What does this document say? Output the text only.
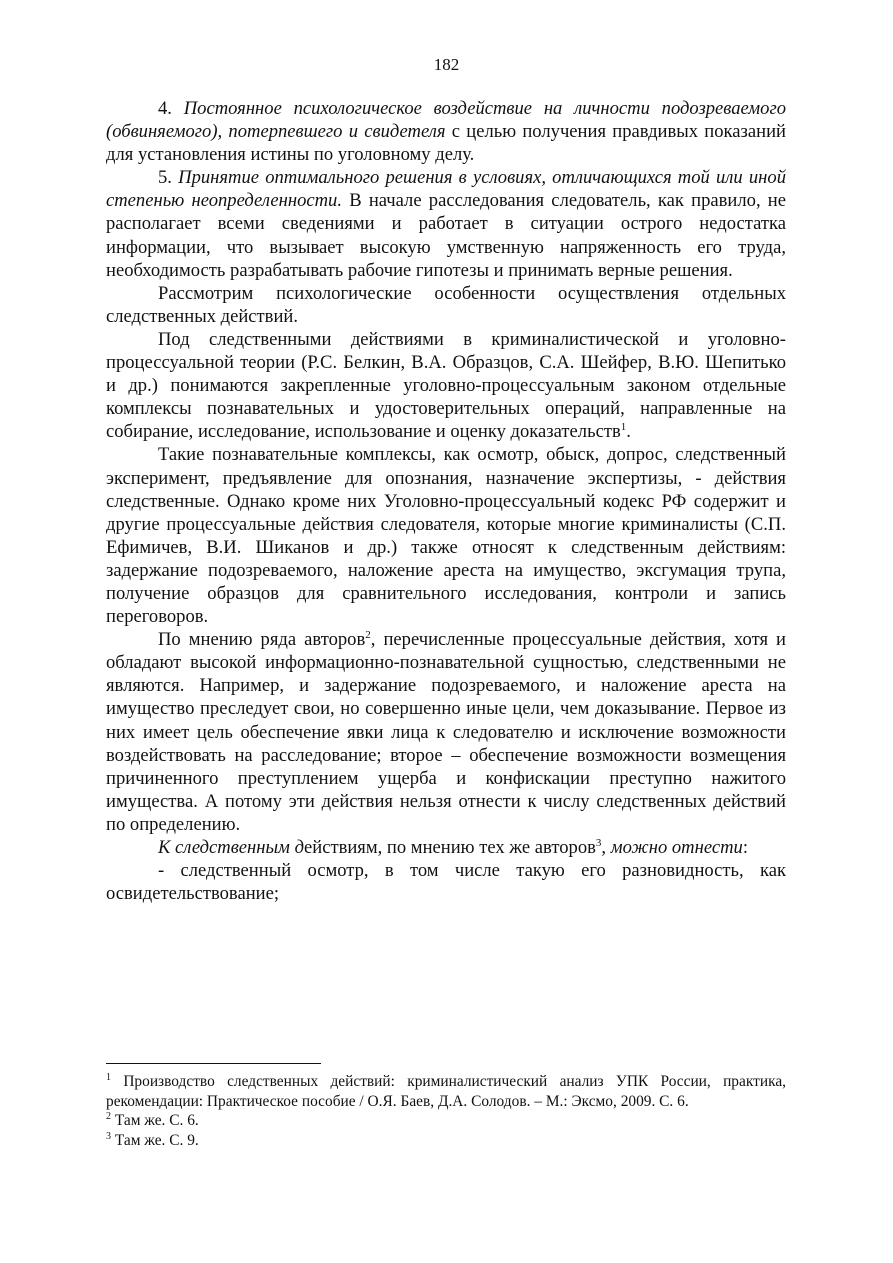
182

4. Постоянное психологическое воздействие на личности подозреваемого (обвиняемого), потерпевшего и свидетеля с целью получения правдивых показаний для установления истины по уголовному делу.

5. Принятие оптимального решения в условиях, отличающихся той или иной степенью неопределенности. В начале расследования следователь, как правило, не располагает всеми сведениями и работает в ситуации острого недостатка информации, что вызывает высокую умственную напряженность его труда, необходимость разрабатывать рабочие гипотезы и принимать верные решения.

Рассмотрим психологические особенности осуществления отдельных следственных действий.

Под следственными действиями в криминалистической и уголовно-процессуальной теории (Р.С. Белкин, В.А. Образцов, С.А. Шейфер, В.Ю. Шепитько и др.) понимаются закрепленные уголовно-процессуальным законом отдельные комплексы познавательных и удостоверительных операций, направленные на собирание, исследование, использование и оценку доказательств$^1$.

Такие познавательные комплексы, как осмотр, обыск, допрос, следственный эксперимент, предъявление для опознания, назначение экспертизы, - действия следственные. Однако кроме них Уголовно-процессуальный кодекс РФ содержит и другие процессуальные действия следователя, которые многие криминалисты (С.П. Ефимичев, В.И. Шиканов и др.) также относят к следственным действиям: задержание подозреваемого, наложение ареста на имущество, эксгумация трупа, получение образцов для сравнительного исследования, контроли и запись переговоров.

По мнению ряда авторов$^2$, перечисленные процессуальные действия, хотя и обладают высокой информационно-познавательной сущностью, следственными не являются. Например, и задержание подозреваемого, и наложение ареста на имущество преследует свои, но совершенно иные цели, чем доказывание. Первое из них имеет цель обеспечение явки лица к следователю и исключение возможности воздействовать на расследование; второе – обеспечение возможности возмещения причиненного преступлением ущерба и конфискации преступно нажитого имущества. А потому эти действия нельзя отнести к числу следственных действий по определению.

К следственным действиям, по мнению тех же авторов$^3$, можно отнести:

- следственный осмотр, в том числе такую его разновидность, как освидетельствование;

$^1$ Производство следственных действий: криминалистический анализ УПК России, практика, рекомендации: Практическое пособие / О.Я. Баев, Д.А. Солодов. – М.: Эксмо, 2009. С. 6.

$^2$ Там же. С. 6.

$^3$ Там же. С. 9.
